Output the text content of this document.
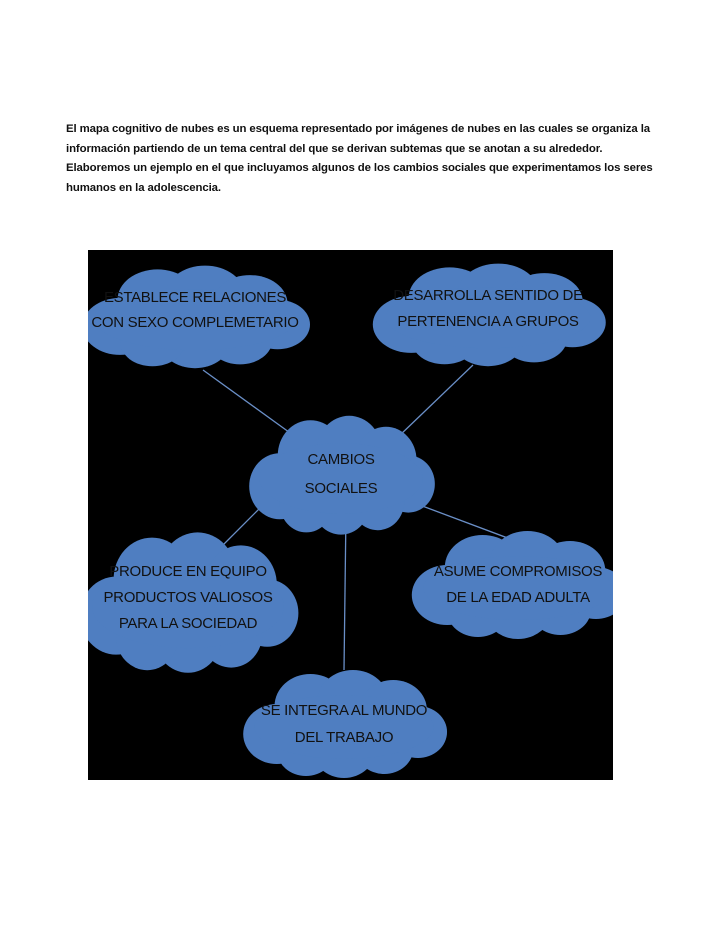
El mapa cognitivo de nubes es un esquema representado por imágenes de nubes en las cuales se organiza la información partiendo de un tema central del que se derivan subtemas que se anotan a su alrededor. Elaboremos un ejemplo en el que incluyamos algunos de los cambios sociales que experimentamos los seres humanos en la adolescencia.

ESTABLECE RELACIONES
CON SEXO COMPLEMETARIO
DESARROLLA SENTIDO DE
PERTENENCIA A GRUPOS
CAMBIOS
SOCIALES
PRODUCE EN EQUIPO
PRODUCTOS VALIOSOS
PARA LA SOCIEDAD
ASUME COMPROMISOS
DE LA EDAD ADULTA
SE INTEGRA AL MUNDO
DEL TRABAJO
